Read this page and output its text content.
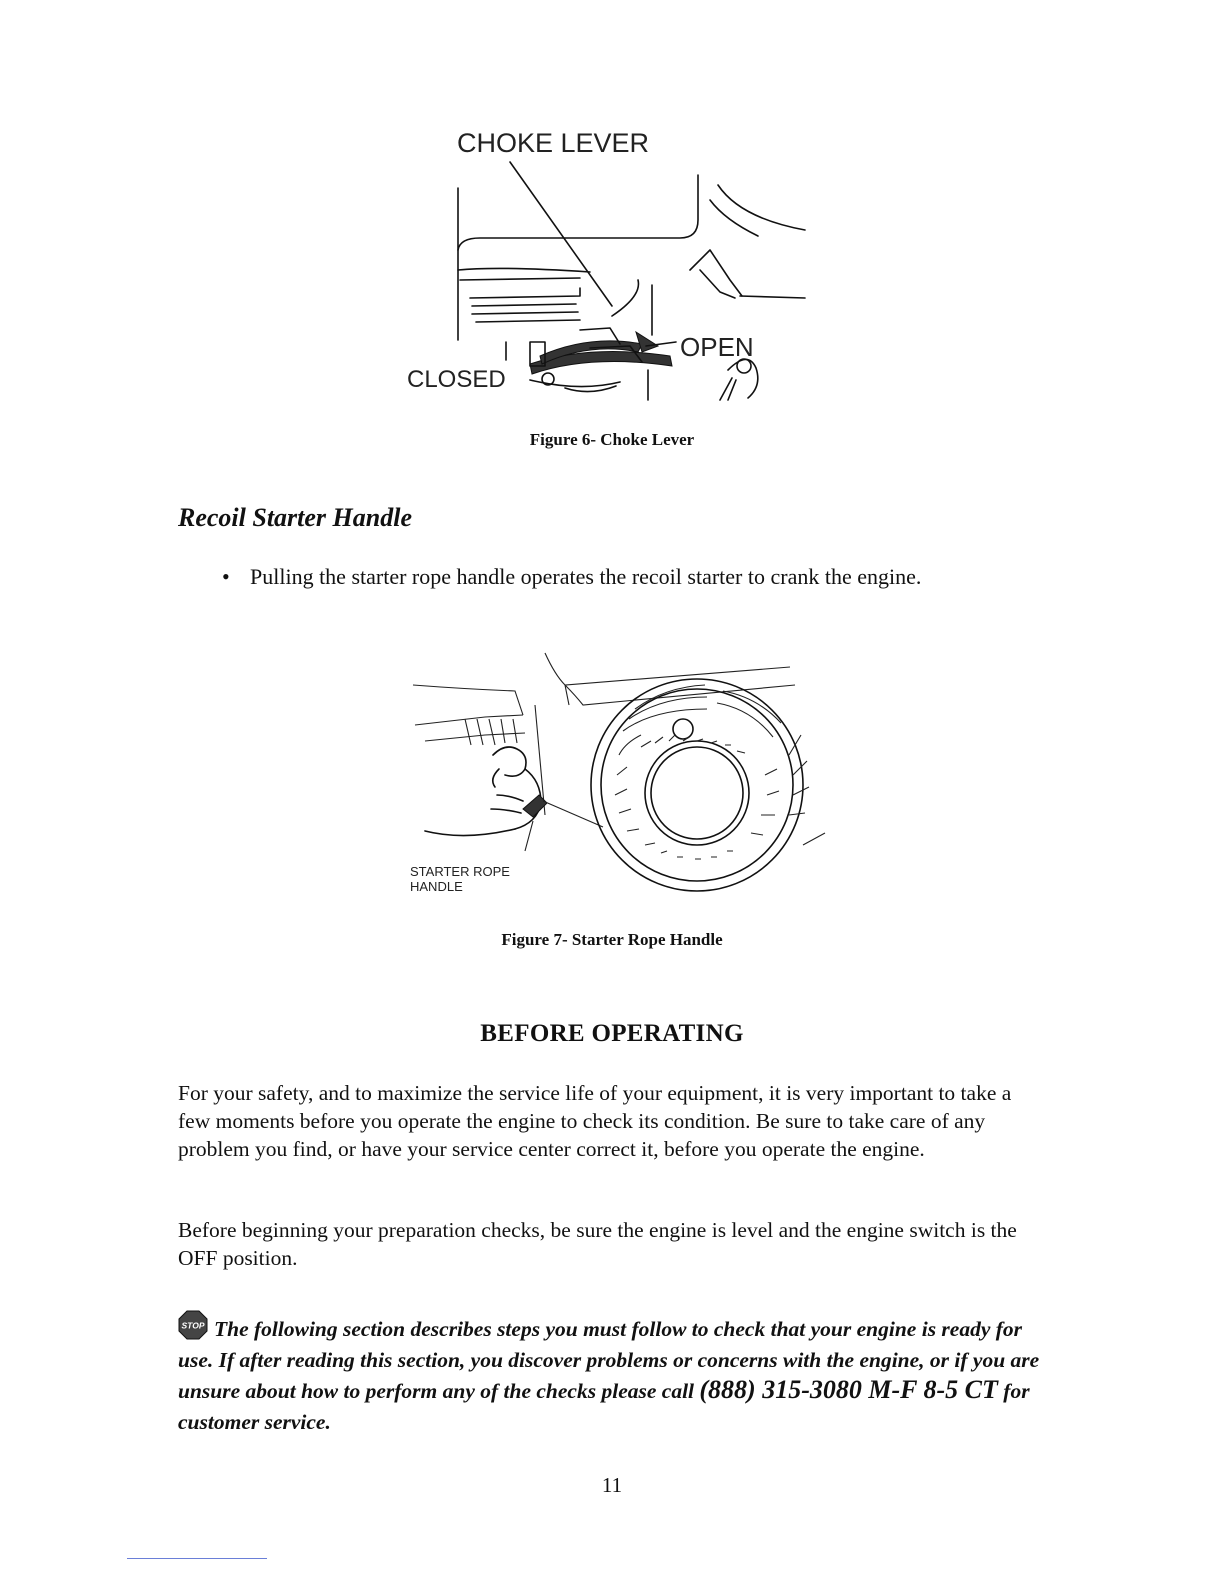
CHOKE LEVER
OPEN
CLOSED
Figure 6- Choke Lever
Recoil Starter Handle
• Pulling the starter rope handle operates the recoil starter to crank the engine.
STARTER ROPE
HANDLE
Figure 7- Starter Rope Handle
BEFORE OPERATING
For your safety, and to maximize the service life of your equipment, it is very important to take a few moments before you operate the engine to check its condition. Be sure to take care of any problem you find, or have your service center correct it, before you operate the engine.
Before beginning your preparation checks, be sure the engine is level and the engine switch is the OFF position.
STOP The following section describes steps you must follow to check that your engine is ready for use. If after reading this section, you discover problems or concerns with the engine, or if you are unsure about how to perform any of the checks please call (888) 315-3080 M-F 8-5 CT for customer service.
11
